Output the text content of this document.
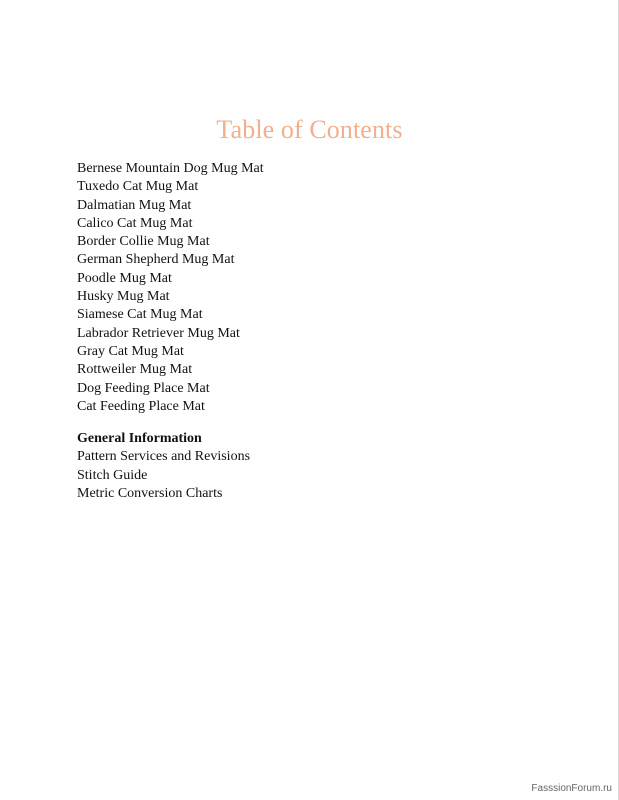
Table of Contents
Bernese Mountain Dog Mug Mat
Tuxedo Cat Mug Mat
Dalmatian Mug Mat
Calico Cat Mug Mat
Border Collie Mug Mat
German Shepherd Mug Mat
Poodle Mug Mat
Husky Mug Mat
Siamese Cat Mug Mat
Labrador Retriever Mug Mat
Gray Cat Mug Mat
Rottweiler Mug Mat
Dog Feeding Place Mat
Cat Feeding Place Mat
General Information
Pattern Services and Revisions
Stitch Guide
Metric Conversion Charts
FasssionForum.ru
